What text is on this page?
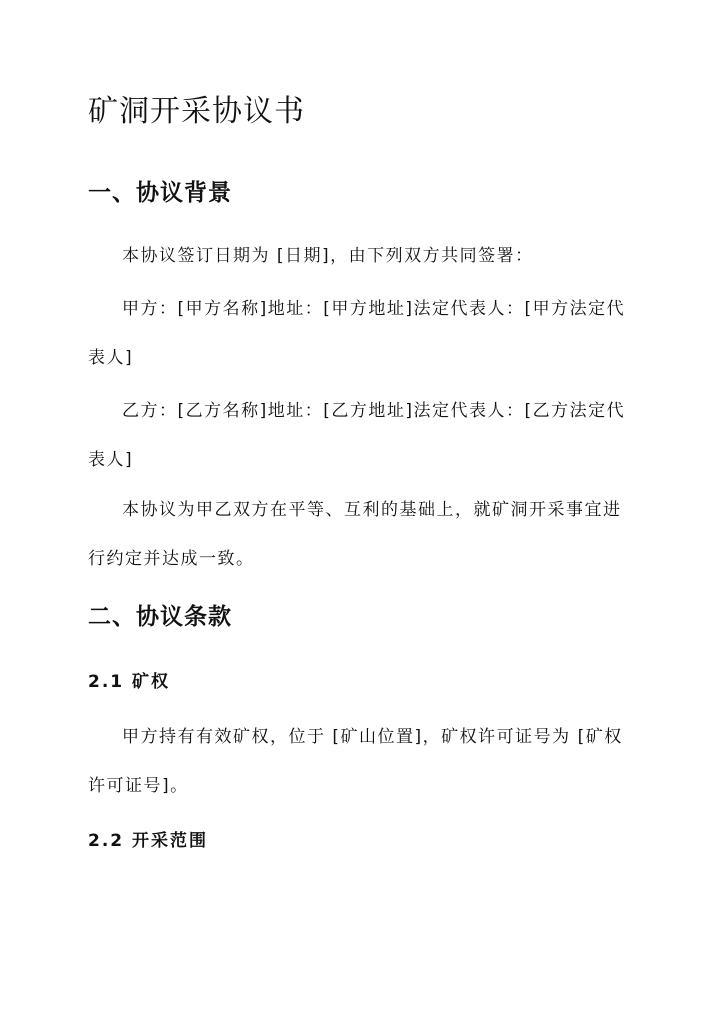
矿洞开采协议书
一、协议背景

本协议签订日期为 [日期]，由下列双方共同签署：

甲方：[甲方名称]地址：[甲方地址]法定代表人：[甲方法定代表人]

乙方：[乙方名称]地址：[乙方地址]法定代表人：[乙方法定代表人]

本协议为甲乙双方在平等、互利的基础上，就矿洞开采事宜进行约定并达成一致。

二、协议条款
2.1 矿权

甲方持有有效矿权，位于 [矿山位置]，矿权许可证号为 [矿权许可证号]。

2.2 开采范围
